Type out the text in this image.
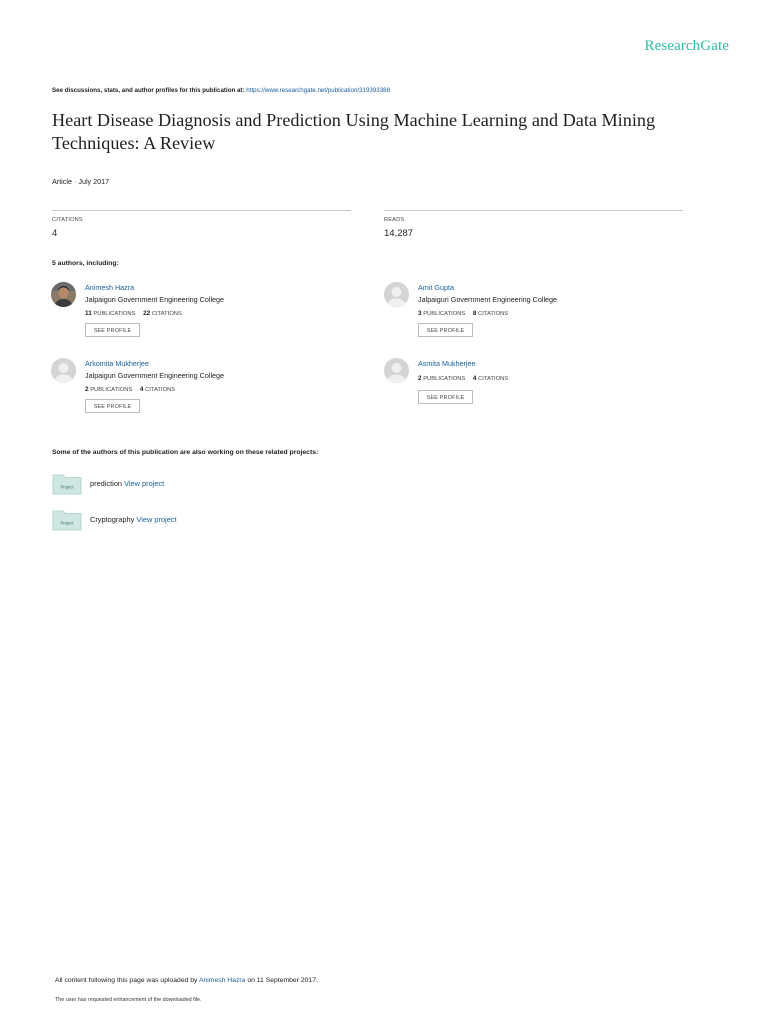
ResearchGate
See discussions, stats, and author profiles for this publication at: https://www.researchgate.net/publication/319393388
Heart Disease Diagnosis and Prediction Using Machine Learning and Data Mining Techniques: A Review
Article · July 2017
CITATIONS
4
READS
14,287
5 authors, including:
Animesh Hazra
Jalpaiguri Government Engineering College
11 PUBLICATIONS 22 CITATIONS
SEE PROFILE
Amit Gupta
Jalpaiguri Government Engineering College
3 PUBLICATIONS 8 CITATIONS
SEE PROFILE
Arkomita Mukherjee
Jalpaiguri Government Engineering College
2 PUBLICATIONS 4 CITATIONS
SEE PROFILE
Asmita Mukherjee
2 PUBLICATIONS 4 CITATIONS
SEE PROFILE
Some of the authors of this publication are also working on these related projects:
Project prediction View project
Project Cryptography View project
All content following this page was uploaded by Animesh Hazra on 11 September 2017.
The user has requested enhancement of the downloaded file.
